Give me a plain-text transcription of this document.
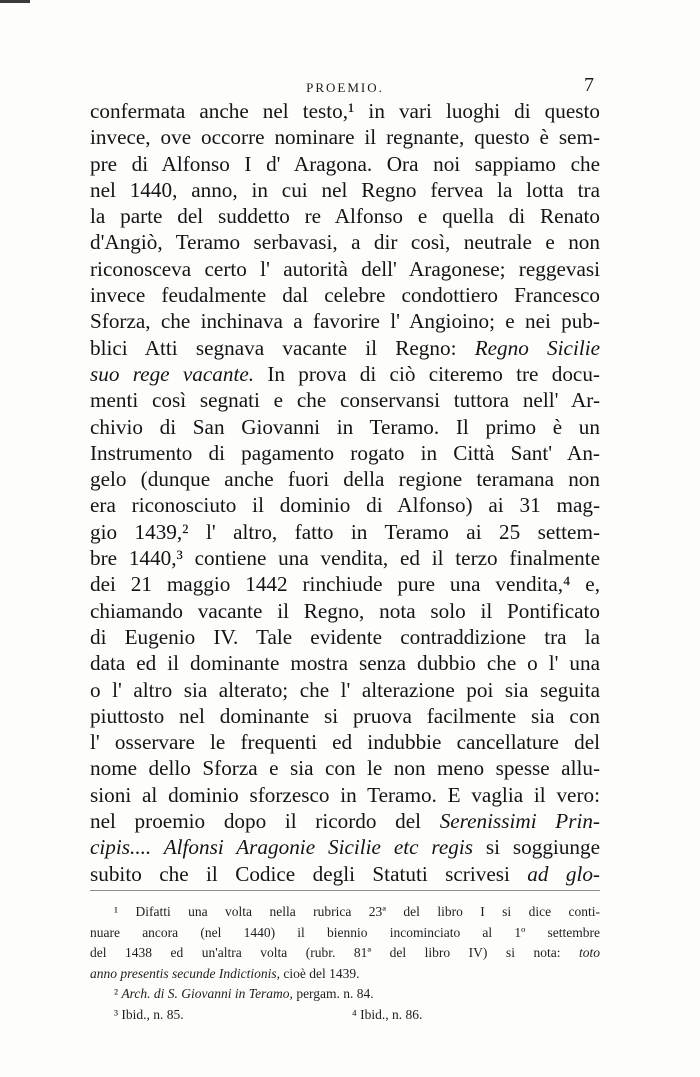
PROEMIO.	7
confermata anche nel testo,¹ in vari luoghi di questo
invece, ove occorre nominare il regnante, questo è sem-
pre di Alfonso I d' Aragona. Ora noi sappiamo che
nel 1440, anno, in cui nel Regno fervea la lotta tra
la parte del suddetto re Alfonso e quella di Renato
d'Angiò, Teramo serbavasi, a dir così, neutrale e non
riconosceva certo l' autorità dell' Aragonese; reggevasi
invece feudalmente dal celebre condottiero Francesco
Sforza, che inchinava a favorire l' Angioino; e nei pub-
blici Atti segnava vacante il Regno: Regno Sicilie
suo rege vacante. In prova di ciò citeremo tre docu-
menti così segnati e che conservansi tuttora nell' Ar-
chivio di San Giovanni in Teramo. Il primo è un
Instrumento di pagamento rogato in Città Sant' An-
gelo (dunque anche fuori della regione teramana non
era riconosciuto il dominio di Alfonso) ai 31 mag-
gio 1439,² l' altro, fatto in Teramo ai 25 settem-
bre 1440,³ contiene una vendita, ed il terzo finalmente
dei 21 maggio 1442 rinchiude pure una vendita,⁴ e,
chiamando vacante il Regno, nota solo il Pontificato
di Eugenio IV. Tale evidente contraddizione tra la
data ed il dominante mostra senza dubbio che o l' una
o l' altro sia alterato; che l' alterazione poi sia seguita
piuttosto nel dominante si pruova facilmente sia con
l' osservare le frequenti ed indubbie cancellature del
nome dello Sforza e sia con le non meno spesse allu-
sioni al dominio sforzesco in Teramo. E vaglia il vero:
nel proemio dopo il ricordo del Serenissimi Prin-
cipis.... Alfonsi Aragonie Sicilie etc regis si soggiunge
subito che il Codice degli Statuti scrivesi ad glo-
¹ Difatti una volta nella rubrica 23ª del libro I si dice conti-
nuare ancora (nel 1440) il biennio incominciato al 1º settembre
del 1438 ed un'altra volta (rubr. 81ª del libro IV) si nota: toto
anno presentis secunde Indictionis, cioè del 1439.
² Arch. di S. Giovanni in Teramo, pergam. n. 84.
³ Ibid., n. 85.	⁴ Ibid., n. 86.
